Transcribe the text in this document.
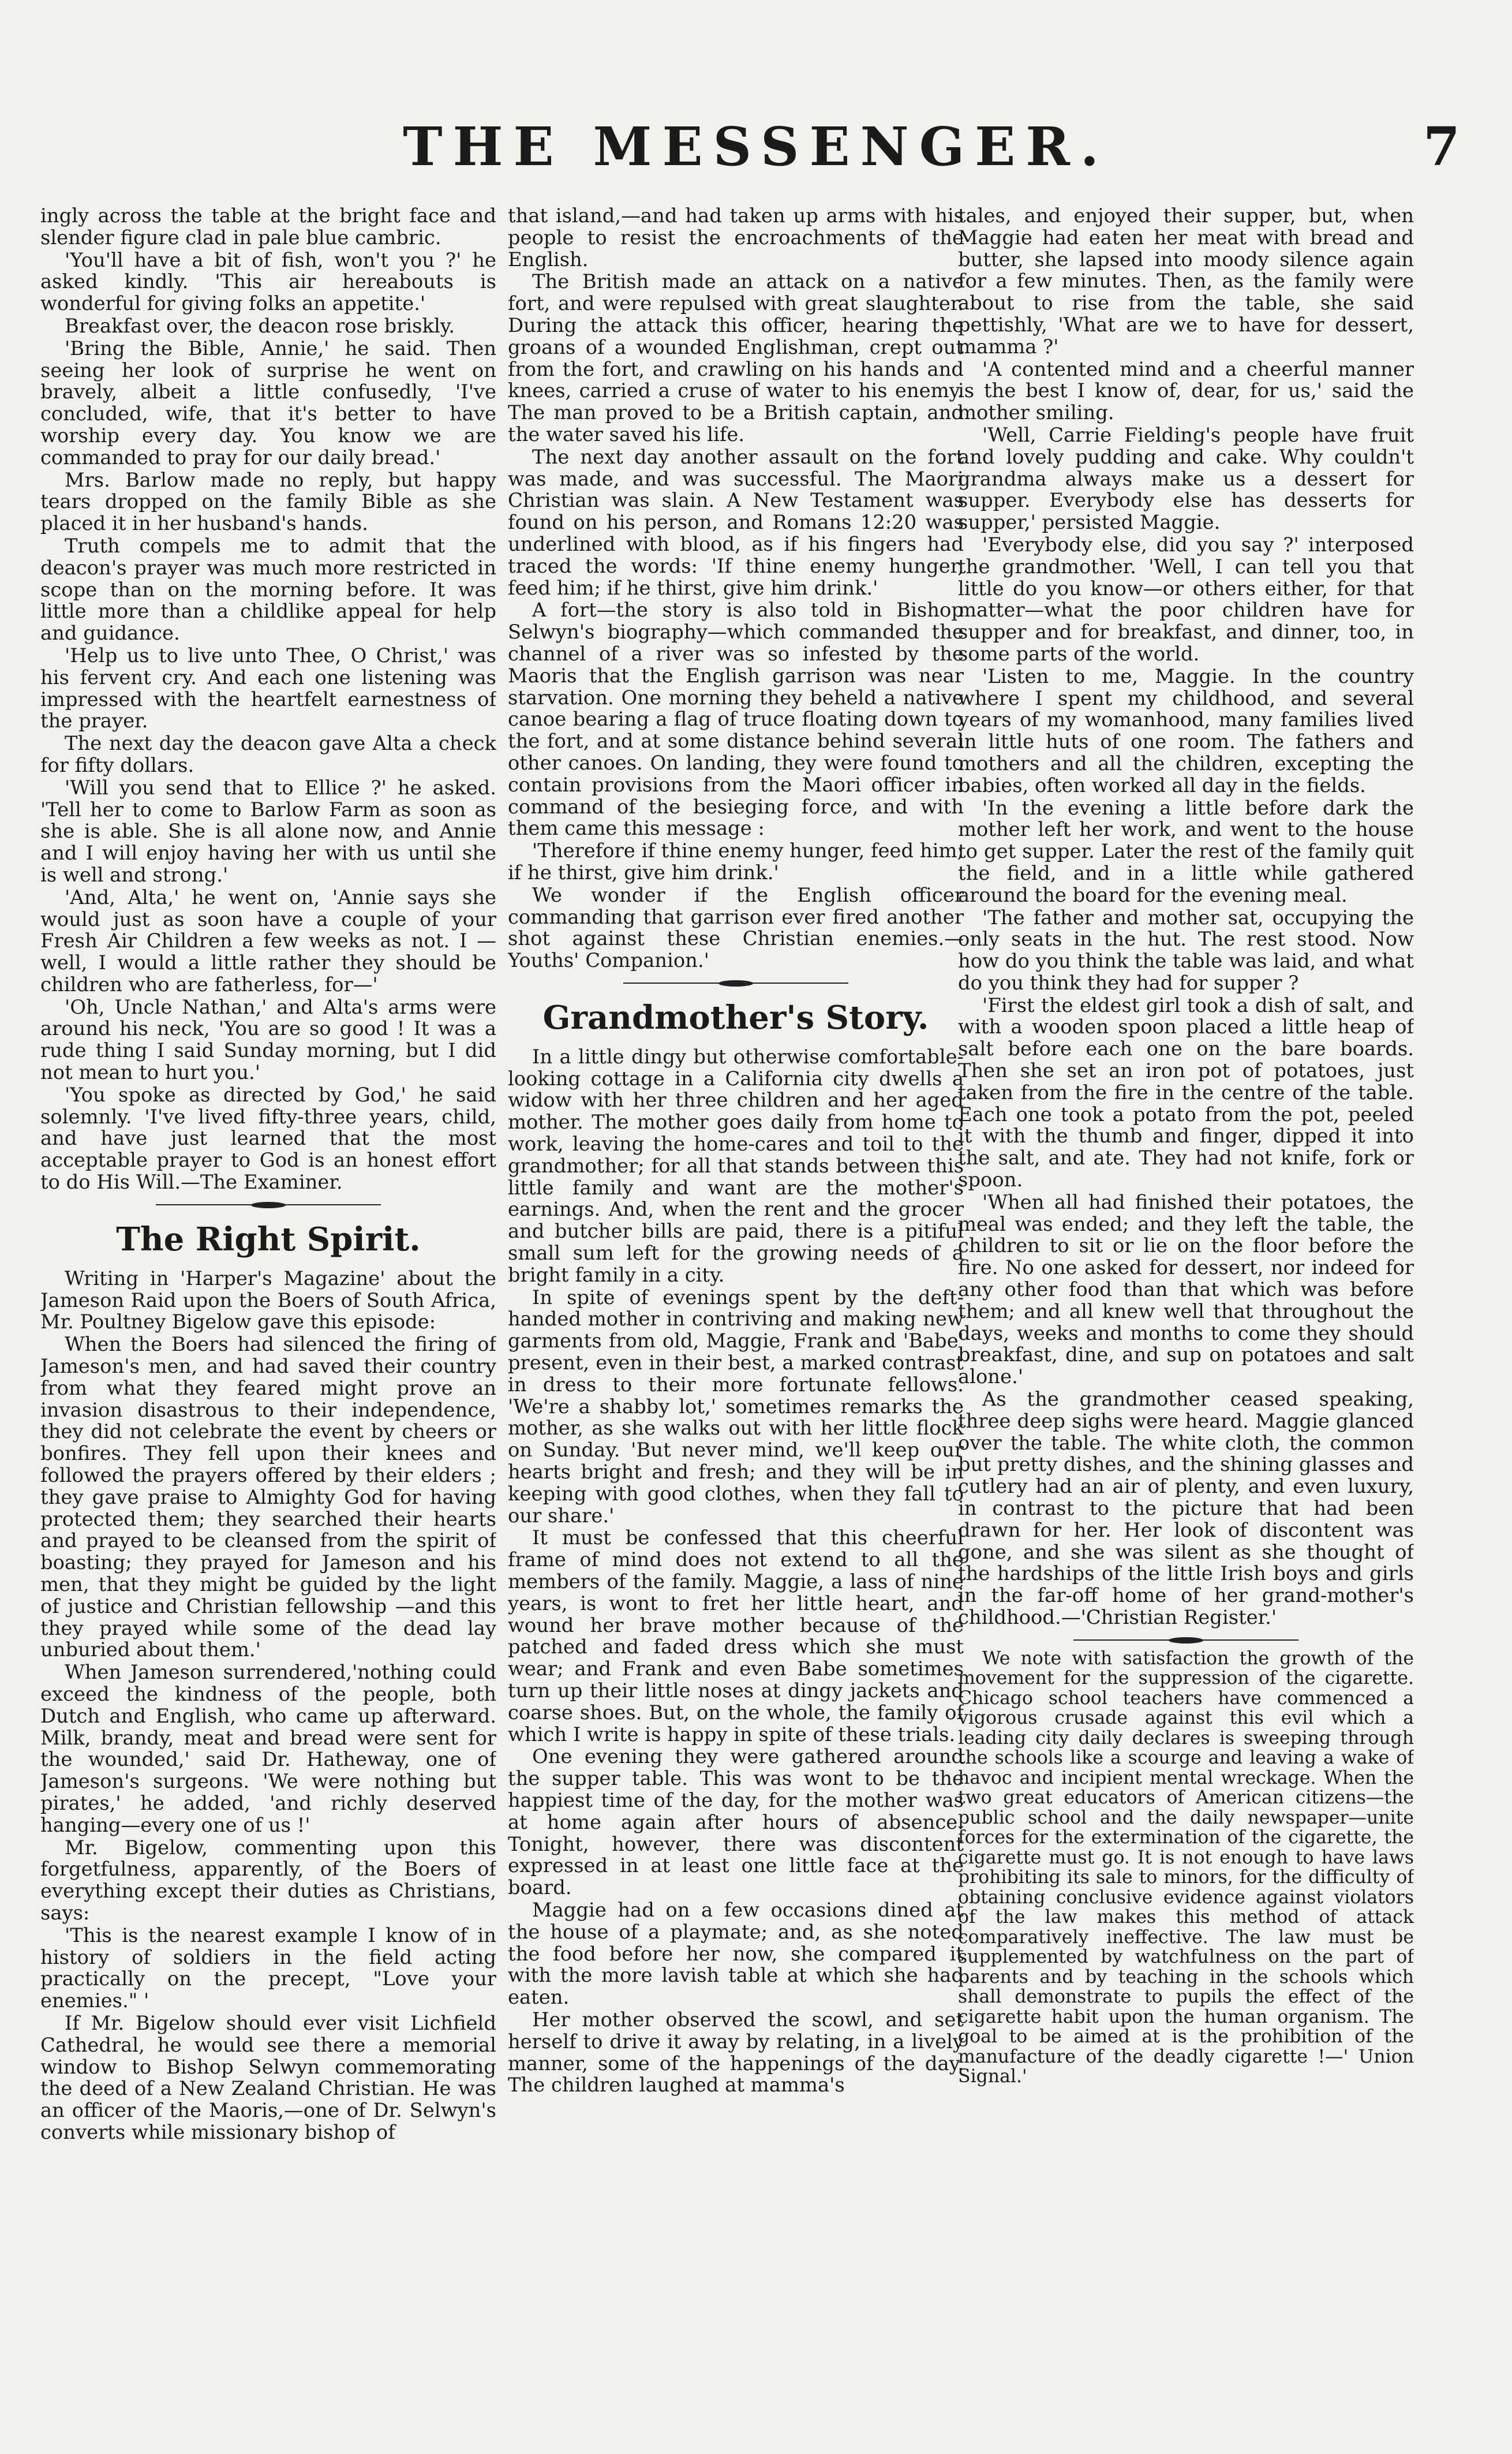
THE MESSENGER.	7

ingly across the table at the bright face and slender figure clad in pale blue cambric.

'You'll have a bit of fish, won't you ?' he asked kindly. 'This air hereabouts is wonderful for giving folks an appetite.'

Breakfast over, the deacon rose briskly.

'Bring the Bible, Annie,' he said. Then seeing her look of surprise he went on bravely, albeit a little confusedly, 'I've concluded, wife, that it's better to have worship every day. You know we are commanded to pray for our daily bread.'

Mrs. Barlow made no reply, but happy tears dropped on the family Bible as she placed it in her husband's hands.

Truth compels me to admit that the deacon's prayer was much more restricted in scope than on the morning before. It was little more than a childlike appeal for help and guidance.

'Help us to live unto Thee, O Christ,' was his fervent cry. And each one listening was impressed with the heartfelt earnestness of the prayer.

The next day the deacon gave Alta a check for fifty dollars.

'Will you send that to Ellice ?' he asked. 'Tell her to come to Barlow Farm as soon as she is able. She is all alone now, and Annie and I will enjoy having her with us until she is well and strong.'

'And, Alta,' he went on, 'Annie says she would just as soon have a couple of your Fresh Air Children a few weeks as not. I —well, I would a little rather they should be children who are fatherless, for—'

'Oh, Uncle Nathan,' and Alta's arms were around his neck, 'You are so good ! It was a rude thing I said Sunday morning, but I did not mean to hurt you.'

'You spoke as directed by God,' he said solemnly. 'I've lived fifty-three years, child, and have just learned that the most acceptable prayer to God is an honest effort to do His Will.—The Examiner.

The Right Spirit.

Writing in 'Harper's Magazine' about the Jameson Raid upon the Boers of South Africa, Mr. Poultney Bigelow gave this episode:

When the Boers had silenced the firing of Jameson's men, and had saved their country from what they feared might prove an invasion disastrous to their independence, they did not celebrate the event by cheers or bonfires. They fell upon their knees and followed the prayers offered by their elders ; they gave praise to Almighty God for having protected them; they searched their hearts and prayed to be cleansed from the spirit of boasting; they prayed for Jameson and his men, that they might be guided by the light of justice and Christian fellowship —and this they prayed while some of the dead lay unburied about them.'

When Jameson surrendered,'nothing could exceed the kindness of the people, both Dutch and English, who came up afterward. Milk, brandy, meat and bread were sent for the wounded,' said Dr. Hatheway, one of Jameson's surgeons. 'We were nothing but pirates,' he added, 'and richly deserved hanging—every one of us !'

Mr. Bigelow, commenting upon this forgetfulness, apparently, of the Boers of everything except their duties as Christians, says:

'This is the nearest example I know of in history of soldiers in the field acting practically on the precept, "Love your enemies." '

If Mr. Bigelow should ever visit Lichfield Cathedral, he would see there a memorial window to Bishop Selwyn commemorating the deed of a New Zealand Christian. He was an officer of the Maoris,—one of Dr. Selwyn's converts while missionary bishop of

that island,—and had taken up arms with his people to resist the encroachments of the English.

The British made an attack on a native fort, and were repulsed with great slaughter. During the attack this officer, hearing the groans of a wounded Englishman, crept out from the fort, and crawling on his hands and knees, carried a cruse of water to his enemy. The man proved to be a British captain, and the water saved his life.

The next day another assault on the fort was made, and was successful. The Maori Christian was slain. A New Testament was found on his person, and Romans 12:20 was underlined with blood, as if his fingers had traced the words: 'If thine enemy hunger, feed him; if he thirst, give him drink.'

A fort—the story is also told in Bishop Selwyn's biography—which commanded the channel of a river was so infested by the Maoris that the English garrison was near starvation. One morning they beheld a native canoe bearing a flag of truce floating down to the fort, and at some distance behind several other canoes. On landing, they were found to contain provisions from the Maori officer in command of the besieging force, and with them came this message :

'Therefore if thine enemy hunger, feed him; if he thirst, give him drink.'

We wonder if the English officer commanding that garrison ever fired another shot against these Christian enemies.—Youths' Companion.'

Grandmother's Story.

In a little dingy but otherwise comfortable-looking cottage in a California city dwells a widow with her three children and her aged mother. The mother goes daily from home to work, leaving the home-cares and toil to the grandmother; for all that stands between this little family and want are the mother's earnings. And, when the rent and the grocer and butcher bills are paid, there is a pitiful small sum left for the growing needs of a bright family in a city.

In spite of evenings spent by the deft-handed mother in contriving and making new garments from old, Maggie, Frank and 'Babe' present, even in their best, a marked contrast in dress to their more fortunate fellows. 'We're a shabby lot,' sometimes remarks the mother, as she walks out with her little flock on Sunday. 'But never mind, we'll keep our hearts bright and fresh; and they will be in keeping with good clothes, when they fall to our share.'

It must be confessed that this cheerful frame of mind does not extend to all the members of the family. Maggie, a lass of nine years, is wont to fret her little heart, and wound her brave mother because of the patched and faded dress which she must wear; and Frank and even Babe sometimes turn up their little noses at dingy jackets and coarse shoes. But, on the whole, the family of which I write is happy in spite of these trials.

One evening they were gathered around the supper table. This was wont to be the happiest time of the day, for the mother was at home again after hours of absence. Tonight, however, there was discontent expressed in at least one little face at the board.

Maggie had on a few occasions dined at the house of a playmate; and, as she noted the food before her now, she compared it with the more lavish table at which she had eaten.

Her mother observed the scowl, and set herself to drive it away by relating, in a lively manner, some of the happenings of the day. The children laughed at mamma's

tales, and enjoyed their supper, but, when Maggie had eaten her meat with bread and butter, she lapsed into moody silence again for a few minutes. Then, as the family were about to rise from the table, she said pettishly, 'What are we to have for dessert, mamma ?'

'A contented mind and a cheerful manner is the best I know of, dear, for us,' said the mother smiling.

'Well, Carrie Fielding's people have fruit and lovely pudding and cake. Why couldn't grandma always make us a dessert for supper. Everybody else has desserts for supper,' persisted Maggie.

'Everybody else, did you say ?' interposed the grandmother. 'Well, I can tell you that little do you know—or others either, for that matter—what the poor children have for supper and for breakfast, and dinner, too, in some parts of the world.

'Listen to me, Maggie. In the country where I spent my childhood, and several years of my womanhood, many families lived in little huts of one room. The fathers and mothers and all the children, excepting the babies, often worked all day in the fields.

'In the evening a little before dark the mother left her work, and went to the house to get supper. Later the rest of the family quit the field, and in a little while gathered around the board for the evening meal.

'The father and mother sat, occupying the only seats in the hut. The rest stood. Now how do you think the table was laid, and what do you think they had for supper ?

'First the eldest girl took a dish of salt, and with a wooden spoon placed a little heap of salt before each one on the bare boards. Then she set an iron pot of potatoes, just taken from the fire in the centre of the table. Each one took a potato from the pot, peeled it with the thumb and finger, dipped it into the salt, and ate. They had not knife, fork or spoon.

'When all had finished their potatoes, the meal was ended; and they left the table, the children to sit or lie on the floor before the fire. No one asked for dessert, nor indeed for any other food than that which was before them; and all knew well that throughout the days, weeks and months to come they should breakfast, dine, and sup on potatoes and salt alone.'

As the grandmother ceased speaking, three deep sighs were heard. Maggie glanced over the table. The white cloth, the common but pretty dishes, and the shining glasses and cutlery had an air of plenty, and even luxury, in contrast to the picture that had been drawn for her. Her look of discontent was gone, and she was silent as she thought of the hardships of the little Irish boys and girls in the far-off home of her grand-mother's childhood.—'Christian Register.'

We note with satisfaction the growth of the movement for the suppression of the cigarette. Chicago school teachers have commenced a vigorous crusade against this evil which a leading city daily declares is sweeping through the schools like a scourge and leaving a wake of havoc and incipient mental wreckage. When the two great educators of American citizens—the public school and the daily newspaper—unite forces for the extermination of the cigarette, the cigarette must go. It is not enough to have laws prohibiting its sale to minors, for the difficulty of obtaining conclusive evidence against violators of the law makes this method of attack comparatively ineffective. The law must be supplemented by watchfulness on the part of parents and by teaching in the schools which shall demonstrate to pupils the effect of the cigarette habit upon the human organism. The goal to be aimed at is the prohibition of the manufacture of the deadly cigarette !—' Union Signal.'
